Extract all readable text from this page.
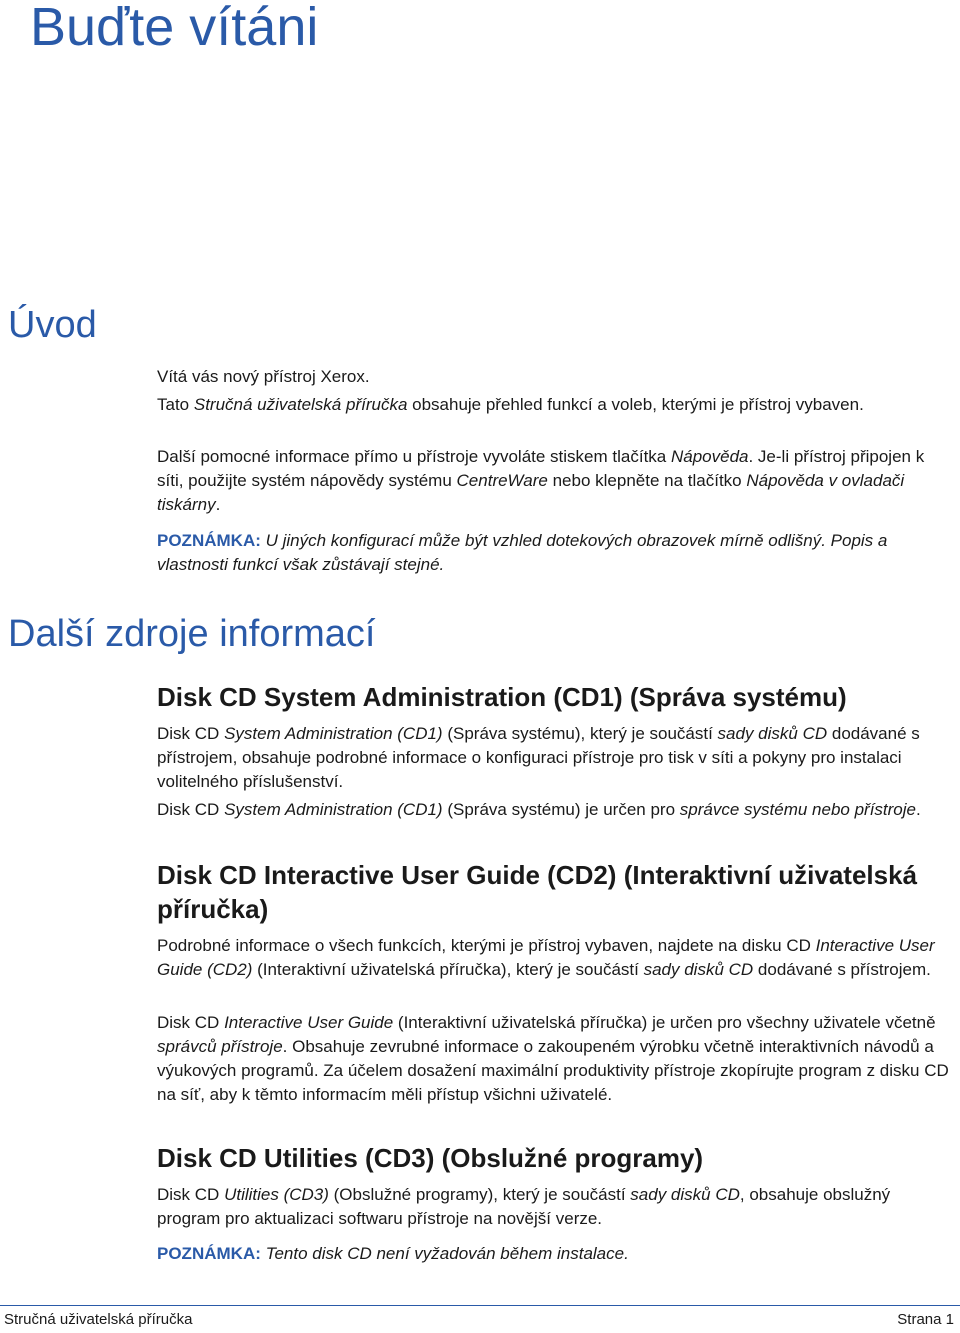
Buďte vítáni
Úvod

Vítá vás nový přístroj Xerox.

Tato Stručná uživatelská příručka obsahuje přehled funkcí a voleb, kterými je přístroj vybaven.

Další pomocné informace přímo u přístroje vyvoláte stiskem tlačítka Nápověda. Je-li přístroj připojen k síti, použijte systém nápovědy systému CentreWare nebo klepněte na tlačítko Nápověda v ovladači tiskárny.

POZNÁMKA: U jiných konfigurací může být vzhled dotekových obrazovek mírně odlišný. Popis a vlastnosti funkcí však zůstávají stejné.

Další zdroje informací
Disk CD System Administration (CD1) (Správa systému)

Disk CD System Administration (CD1) (Správa systému), který je součástí sady disků CD dodávané s přístrojem, obsahuje podrobné informace o konfiguraci přístroje pro tisk v síti a pokyny pro instalaci volitelného příslušenství.

Disk CD System Administration (CD1) (Správa systému) je určen pro správce systému nebo přístroje.

Disk CD Interactive User Guide (CD2) (Interaktivní uživatelská příručka)

Podrobné informace o všech funkcích, kterými je přístroj vybaven, najdete na disku CD Interactive User Guide (CD2) (Interaktivní uživatelská příručka), který je součástí sady disků CD dodávané s přístrojem.

Disk CD Interactive User Guide (Interaktivní uživatelská příručka) je určen pro všechny uživatele včetně správců přístroje. Obsahuje zevrubné informace o zakoupeném výrobku včetně interaktivních návodů a výukových programů. Za účelem dosažení maximální produktivity přístroje zkopírujte program z disku CD na síť, aby k těmto informacím měli přístup všichni uživatelé.

Disk CD Utilities (CD3) (Obslužné programy)

Disk CD Utilities (CD3) (Obslužné programy), který je součástí sady disků CD, obsahuje obslužný program pro aktualizaci softwaru přístroje na novější verze.

POZNÁMKA: Tento disk CD není vyžadován během instalace.

Stručná uživatelská příručka	Strana 1
